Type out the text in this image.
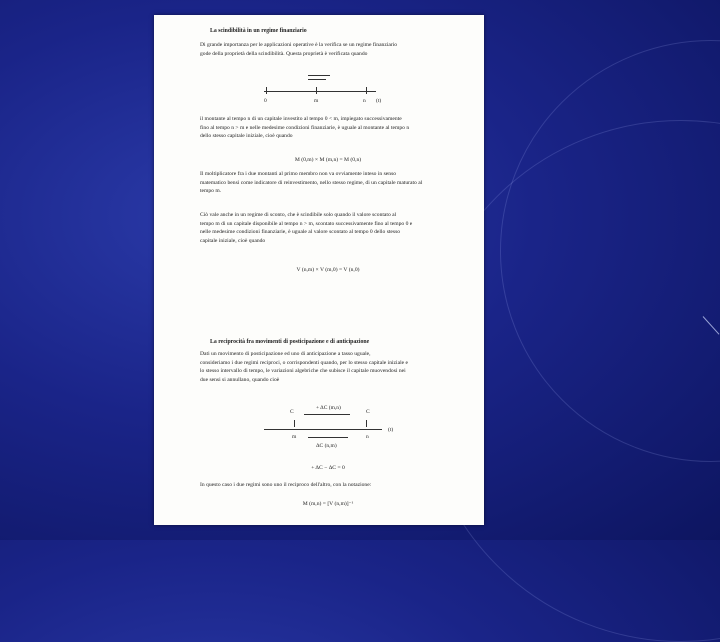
La scindibilità in un regime finanziario
Di grande importanza per le applicazioni operative è la verifica se un regime finanziario
gode della proprietà della scindibilità. Questa proprietà è verificata quando
0	m	n (t)
il montante al tempo n di un capitale investito al tempo 0 < m, impiegato successivamente
fino al tempo n > m e nelle medesime condizioni finanziarie, è uguale al montante al tempo n
dello stesso capitale iniziale, cioè quando
M (0,m) × M (m,n) = M (0,n)
Il moltiplicatore fra i due montanti al primo membro non va ovviamente inteso in senso
matematico bensì come indicatore di reinvestimento, nello stesso regime, di un capitale maturato al
tempo m.
Ciò vale anche in un regime di sconto, che è scindibile solo quando il valore scontato al
tempo m di un capitale disponibile al tempo n > m, scontato successivamente fino al tempo 0 e
nelle medesime condizioni finanziarie, è uguale al valore scontato al tempo 0 dello stesso
capitale iniziale, cioè quando
V (n,m) × V (m,0) = V (n,0)
La reciprocità fra movimenti di posticipazione e di anticipazione
Dati un movimento di posticipazione ed uno di anticipazione a tasso uguale,
consideriamo i due regimi reciproci, o corrispondenti quando, per lo stesso capitale iniziale e
lo stesso intervallo di tempo, le variazioni algebriche che subisce il capitale muovendosi nei
due sensi si annullano, quando cioè
+ ΔC (m,n)
C	C
m	n
(t)
ΔC (n,m)
+ ΔC − ΔC = 0
In questo caso i due regimi sono uno il reciproco dell'altro, con la notazione:
M (m,n) = [V (n,m)]⁻¹
